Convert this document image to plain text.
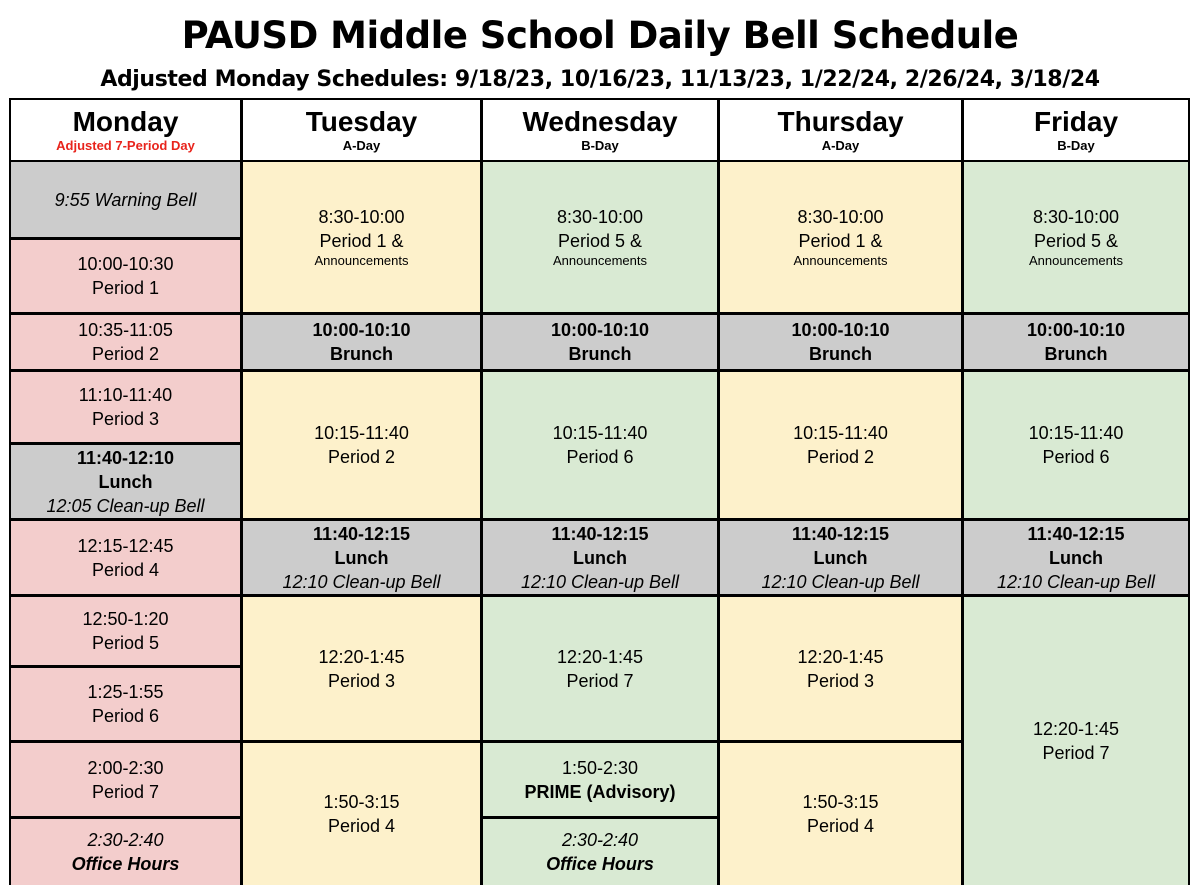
PAUSD Middle School Daily Bell Schedule
Adjusted Monday Schedules: 9/18/23, 10/16/23, 11/13/23, 1/22/24, 2/26/24, 3/18/24
Monday
Adjusted 7-Period Day
9:55 Warning Bell
10:00-10:30
Period 1
10:35-11:05
Period 2
11:10-11:40
Period 3
11:40-12:10
Lunch
12:05 Clean-up Bell
12:15-12:45
Period 4
12:50-1:20
Period 5
1:25-1:55
Period 6
2:00-2:30
Period 7
2:30-2:40
Office Hours
Tuesday
A-Day
8:30-10:00
Period 1 &
Announcements
10:00-10:10
Brunch
10:15-11:40
Period 2
11:40-12:15
Lunch
12:10 Clean-up Bell
12:20-1:45
Period 3
1:50-3:15
Period 4
Wednesday
B-Day
8:30-10:00
Period 5 &
Announcements
10:00-10:10
Brunch
10:15-11:40
Period 6
11:40-12:15
Lunch
12:10 Clean-up Bell
12:20-1:45
Period 7
1:50-2:30
PRIME (Advisory)
2:30-2:40
Office Hours
Thursday
A-Day
8:30-10:00
Period 1 &
Announcements
10:00-10:10
Brunch
10:15-11:40
Period 2
11:40-12:15
Lunch
12:10 Clean-up Bell
12:20-1:45
Period 3
1:50-3:15
Period 4
Friday
B-Day
8:30-10:00
Period 5 &
Announcements
10:00-10:10
Brunch
10:15-11:40
Period 6
11:40-12:15
Lunch
12:10 Clean-up Bell
12:20-1:45
Period 7
